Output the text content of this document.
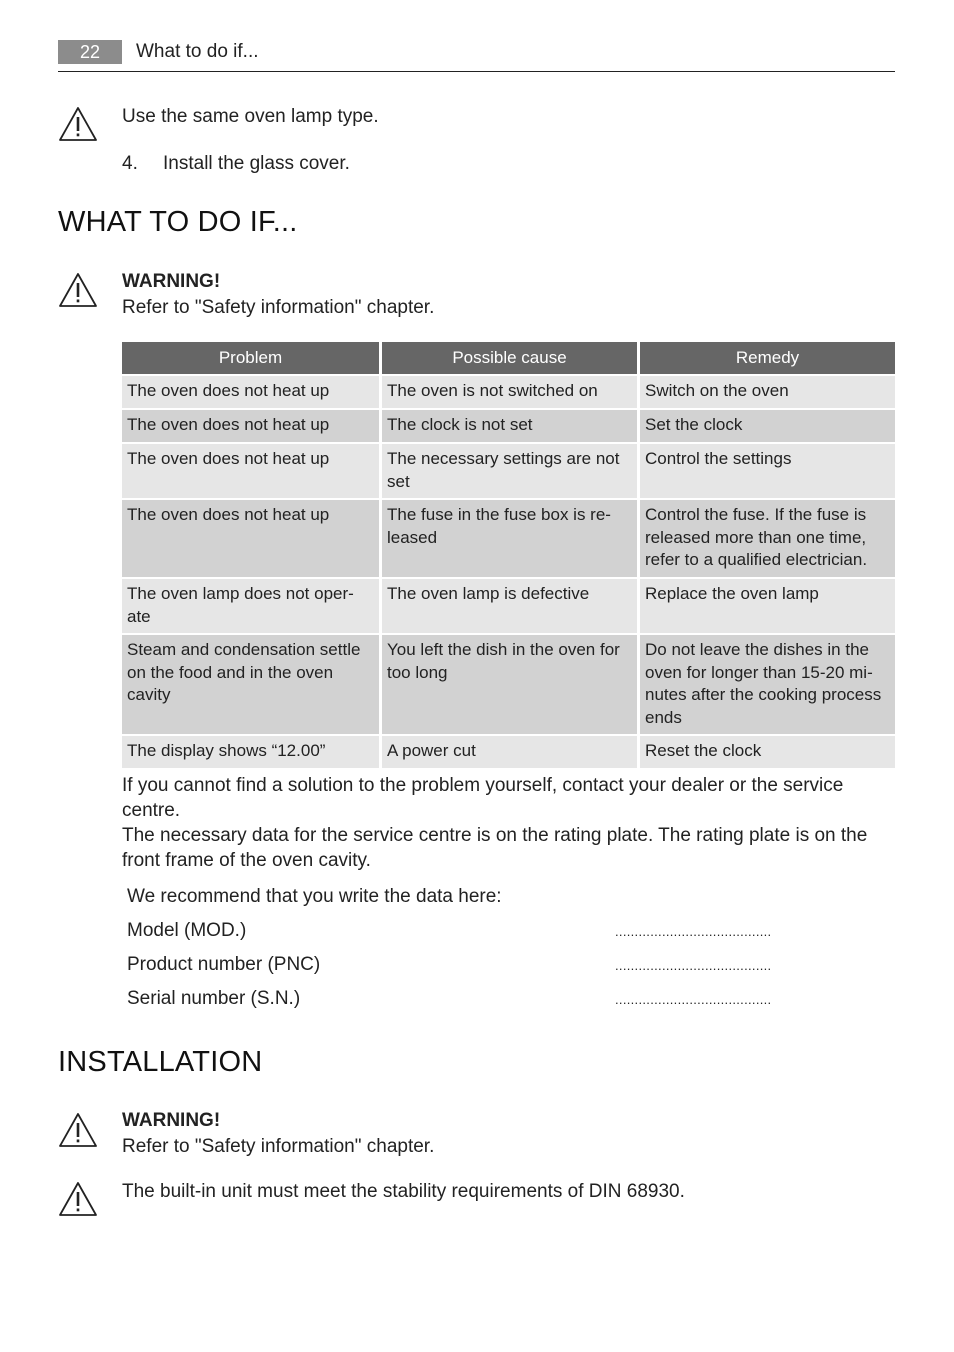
22	What to do if...
Use the same oven lamp type.
4. Install the glass cover.
WHAT TO DO IF...
WARNING!
Refer to "Safety information" chapter.
Problem	Possible cause	Remedy
The oven does not heat up	The oven is not switched on	Switch on the oven
The oven does not heat up	The clock is not set	Set the clock
The oven does not heat up	The necessary settings are not set	Control the settings
The oven does not heat up	The fuse in the fuse box is re-leased	Control the fuse. If the fuse is released more than one time, refer to a qualified electrician.
The oven lamp does not oper-ate	The oven lamp is defective	Replace the oven lamp
Steam and condensation settle on the food and in the oven cavity	You left the dish in the oven for too long	Do not leave the dishes in the oven for longer than 15-20 mi-nutes after the cooking process ends
The display shows “12.00”	A power cut	Reset the clock
If you cannot find a solution to the problem yourself, contact your dealer or the service centre.
The necessary data for the service centre is on the rating plate. The rating plate is on the front frame of the oven cavity.
We recommend that you write the data here:
Model (MOD.)	........................................
Product number (PNC)	........................................
Serial number (S.N.)	........................................
INSTALLATION
WARNING!
Refer to "Safety information" chapter.
The built-in unit must meet the stability requirements of DIN 68930.
